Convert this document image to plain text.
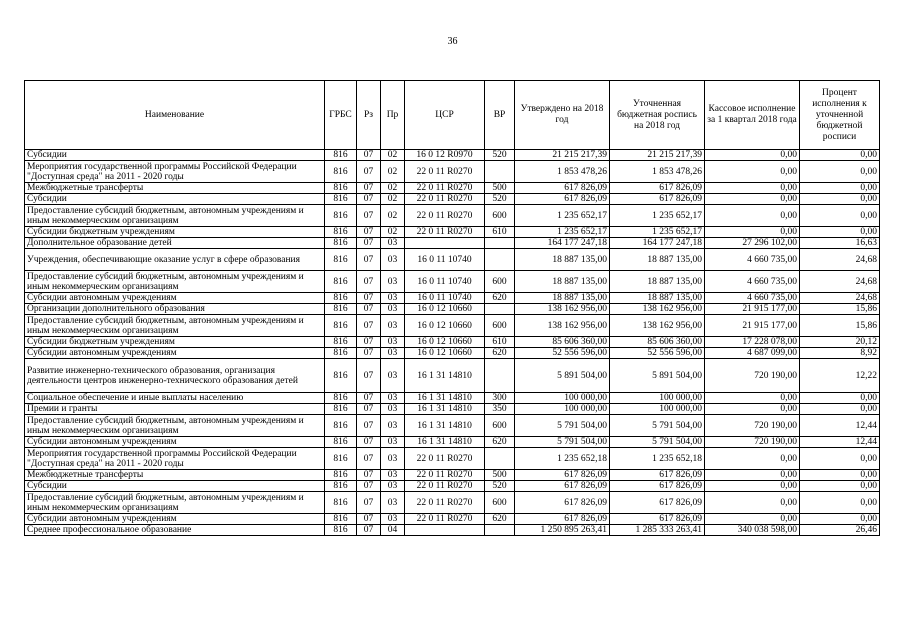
36
Наименование	ГРБС	Рз	Пр	ЦСР	ВР	Утверждено на 2018 год	Уточненная бюджетная роспись на 2018 год	Кассовое исполнение за 1 квартал 2018 года	Процент исполнения к уточненной бюджетной росписи
Субсидии	816	07	02	16 0 12 R0970	520	21 215 217,39	21 215 217,39	0,00	0,00
Мероприятия государственной программы Российской Федерации "Доступная среда" на 2011 - 2020 годы	816	07	02	22 0 11 R0270		1 853 478,26	1 853 478,26	0,00	0,00
Межбюджетные трансферты	816	07	02	22 0 11 R0270	500	617 826,09	617 826,09	0,00	0,00
Субсидии	816	07	02	22 0 11 R0270	520	617 826,09	617 826,09	0,00	0,00
Предоставление субсидий бюджетным, автономным учреждениям и иным некоммерческим организациям	816	07	02	22 0 11 R0270	600	1 235 652,17	1 235 652,17	0,00	0,00
Субсидии бюджетным учреждениям	816	07	02	22 0 11 R0270	610	1 235 652,17	1 235 652,17	0,00	0,00
Дополнительное образование детей	816	07	03			164 177 247,18	164 177 247,18	27 296 102,00	16,63
Учреждения, обеспечивающие оказание услуг в сфере образования	816	07	03	16 0 11 10740		18 887 135,00	18 887 135,00	4 660 735,00	24,68
Предоставление субсидий бюджетным, автономным учреждениям и иным некоммерческим организациям	816	07	03	16 0 11 10740	600	18 887 135,00	18 887 135,00	4 660 735,00	24,68
Субсидии автономным учреждениям	816	07	03	16 0 11 10740	620	18 887 135,00	18 887 135,00	4 660 735,00	24,68
Организации дополнительного образования	816	07	03	16 0 12 10660		138 162 956,00	138 162 956,00	21 915 177,00	15,86
Предоставление субсидий бюджетным, автономным учреждениям и иным некоммерческим организациям	816	07	03	16 0 12 10660	600	138 162 956,00	138 162 956,00	21 915 177,00	15,86
Субсидии бюджетным учреждениям	816	07	03	16 0 12 10660	610	85 606 360,00	85 606 360,00	17 228 078,00	20,12
Субсидии автономным учреждениям	816	07	03	16 0 12 10660	620	52 556 596,00	52 556 596,00	4 687 099,00	8,92
Развитие инженерно-технического образования, организация деятельности центров инженерно-технического образования детей	816	07	03	16 1 31 14810		5 891 504,00	5 891 504,00	720 190,00	12,22
Социальное обеспечение и иные выплаты населению	816	07	03	16 1 31 14810	300	100 000,00	100 000,00	0,00	0,00
Премии и гранты	816	07	03	16 1 31 14810	350	100 000,00	100 000,00	0,00	0,00
Предоставление субсидий бюджетным, автономным учреждениям и иным некоммерческим организациям	816	07	03	16 1 31 14810	600	5 791 504,00	5 791 504,00	720 190,00	12,44
Субсидии автономным учреждениям	816	07	03	16 1 31 14810	620	5 791 504,00	5 791 504,00	720 190,00	12,44
Мероприятия государственной программы Российской Федерации "Доступная среда" на 2011 - 2020 годы	816	07	03	22 0 11 R0270		1 235 652,18	1 235 652,18	0,00	0,00
Межбюджетные трансферты	816	07	03	22 0 11 R0270	500	617 826,09	617 826,09	0,00	0,00
Субсидии	816	07	03	22 0 11 R0270	520	617 826,09	617 826,09	0,00	0,00
Предоставление субсидий бюджетным, автономным учреждениям и иным некоммерческим организациям	816	07	03	22 0 11 R0270	600	617 826,09	617 826,09	0,00	0,00
Субсидии автономным учреждениям	816	07	03	22 0 11 R0270	620	617 826,09	617 826,09	0,00	0,00
Среднее профессиональное образование	816	07	04			1 250 895 263,41	1 285 333 263,41	340 038 598,00	26,46
